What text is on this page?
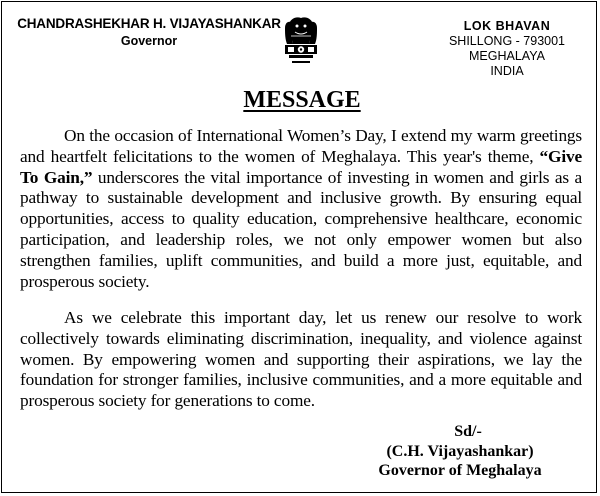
CHANDRASHEKHAR H. VIJAYASHANKAR
Governor
LOK BHAVAN
SHILLONG - 793001
MEGHALAYA
INDIA
MESSAGE
On the occasion of International Women’s Day, I extend my warm greetings and heartfelt felicitations to the women of Meghalaya. This year's theme, “Give To Gain,” underscores the vital importance of investing in women and girls as a pathway to sustainable development and inclusive growth. By ensuring equal opportunities, access to quality education, comprehensive healthcare, economic participation, and leadership roles, we not only empower women but also strengthen families, uplift communities, and build a more just, equitable, and prosperous society.
As we celebrate this important day, let us renew our resolve to work collectively towards eliminating discrimination, inequality, and violence against women. By empowering women and supporting their aspirations, we lay the foundation for stronger families, inclusive communities, and a more equitable and prosperous society for generations to come.
Sd/-
(C.H. Vijayashankar)
Governor of Meghalaya
